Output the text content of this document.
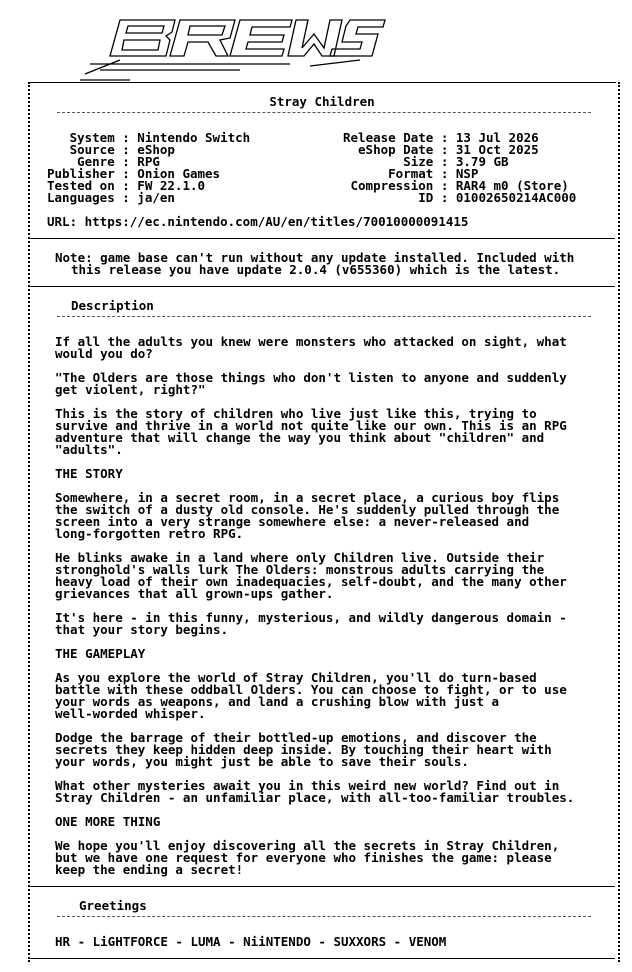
BREWS
Stray Children
System : Nintendo Switch
Source : eShop
Genre : RPG
Publisher : Onion Games
Tested on : FW 22.1.0
Languages : ja/en
Release Date : 13 Jul 2026
eShop Date : 31 Oct 2025
Size : 3.79 GB
Format : NSP
Compression : RAR4 m0 (Store)
ID : 01002650214AC000
URL: https://ec.nintendo.com/AU/en/titles/70010000091415
Note: game base can't run without any update installed. Included with
this release you have update 2.0.4 (v655360) which is the latest.
Description
If all the adults you knew were monsters who attacked on sight, what
would you do?

"The Olders are those things who don't listen to anyone and suddenly
get violent, right?"

This is the story of children who live just like this, trying to
survive and thrive in a world not quite like our own. This is an RPG
adventure that will change the way you think about "children" and
"adults".

THE STORY

Somewhere, in a secret room, in a secret place, a curious boy flips
the switch of a dusty old console. He's suddenly pulled through the
screen into a very strange somewhere else: a never-released and
long-forgotten retro RPG.

He blinks awake in a land where only Children live. Outside their
stronghold's walls lurk The Olders: monstrous adults carrying the
heavy load of their own inadequacies, self-doubt, and the many other
grievances that all grown-ups gather.

It's here - in this funny, mysterious, and wildly dangerous domain -
that your story begins.

THE GAMEPLAY

As you explore the world of Stray Children, you'll do turn-based
battle with these oddball Olders. You can choose to fight, or to use
your words as weapons, and land a crushing blow with just a
well-worded whisper.

Dodge the barrage of their bottled-up emotions, and discover the
secrets they keep hidden deep inside. By touching their heart with
your words, you might just be able to save their souls.

What other mysteries await you in this weird new world? Find out in
Stray Children - an unfamiliar place, with all-too-familiar troubles.

ONE MORE THING

We hope you'll enjoy discovering all the secrets in Stray Children,
but we have one request for everyone who finishes the game: please
keep the ending a secret!
Greetings
HR - LiGHTFORCE - LUMA - NiiNTENDO - SUXXORS - VENOM
